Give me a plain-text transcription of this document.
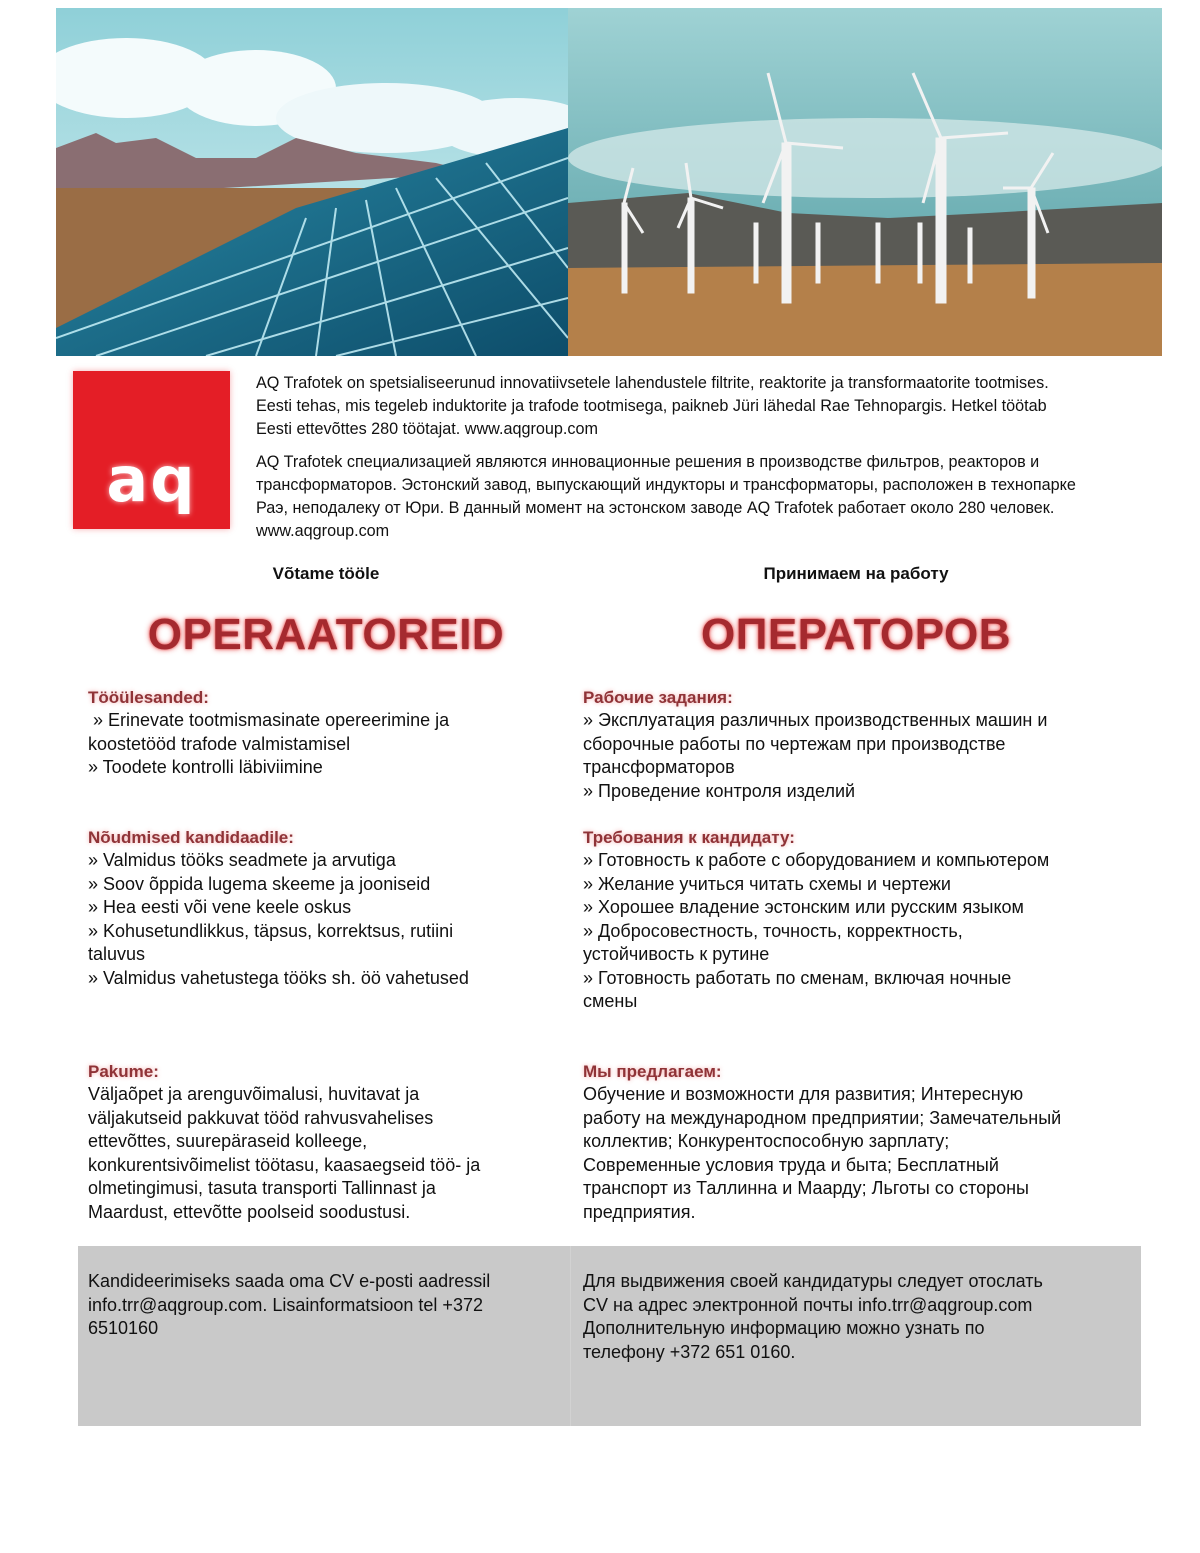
aq

AQ Trafotek on spetsialiseerunud innovatiivsetele lahendustele filtrite, reaktorite ja transformaatorite tootmises. Eesti tehas, mis tegeleb induktorite ja trafode tootmisega, paikneb Jüri lähedal Rae Tehnopargis. Hetkel töötab Eesti ettevõttes 280 töötajat. www.aqgroup.com

AQ Trafotek специализацией являются инновационные решения в производстве фильтров, реакторов и трансформаторов. Эстонский завод, выпускающий индукторы и трансформаторы, расположен в технопарке Раэ, неподалеку от Юри. В данный момент на эстонском заводе AQ Trafotek работает около 280 человек. www.aqgroup.com

Võtame tööle
OPERAATOREID
Tööülesanded:
» Erinevate tootmismasinate opereerimine ja
koostetööd trafode valmistamisel
» Toodete kontrolli läbiviimine
Nõudmised kandidaadile:
» Valmidus tööks seadmete ja arvutiga
» Soov õppida lugema skeeme ja jooniseid
» Hea eesti või vene keele oskus
» Kohusetundlikkus, täpsus, korrektsus, rutiini
taluvus
» Valmidus vahetustega tööks sh. öö vahetused
Pakume:
Väljaõpet ja arenguvõimalusi, huvitavat ja
väljakutseid pakkuvat tööd rahvusvahelises
ettevõttes, suurepäraseid kolleege,
konkurentsivõimelist töötasu, kaasaegseid töö- ja
olmetingimusi, tasuta transporti Tallinnast ja
Maardust, ettevõtte poolseid soodustusi.
Принимаем на работу
ОПЕРАТОРОВ
Рабочие задания:
» Эксплуатация различных производственных машин и
сборочные работы по чертежам при производстве
трансформаторов
» Проведение контроля изделий
Требования к кандидату:
» Готовность к работе с оборудованием и компьютером
» Желание учиться читать схемы и чертежи
» Хорошее владение эстонским или русским языком
» Добросовестность, точность, корректность,
устойчивость к рутине
» Готовность работать по сменам, включая ночные
смены
Мы предлагаем:
Обучение и возможности для развития; Интересную
работу на международном предприятии; Замечательный
коллектив; Конкурентоспособную зарплату;
Современные условия труда и быта; Бесплатный
транспорт из Таллинна и Маарду; Льготы со стороны
предприятия.
Kandideerimiseks saada oma CV e-posti aadressil
info.trr@aqgroup.com. Lisainformatsioon tel +372
6510160
Для выдвижения своей кандидатуры следует отослать
CV на адрес электронной почты info.trr@aqgroup.com
Дополнительную информацию можно узнать по
телефону +372 651 0160.
